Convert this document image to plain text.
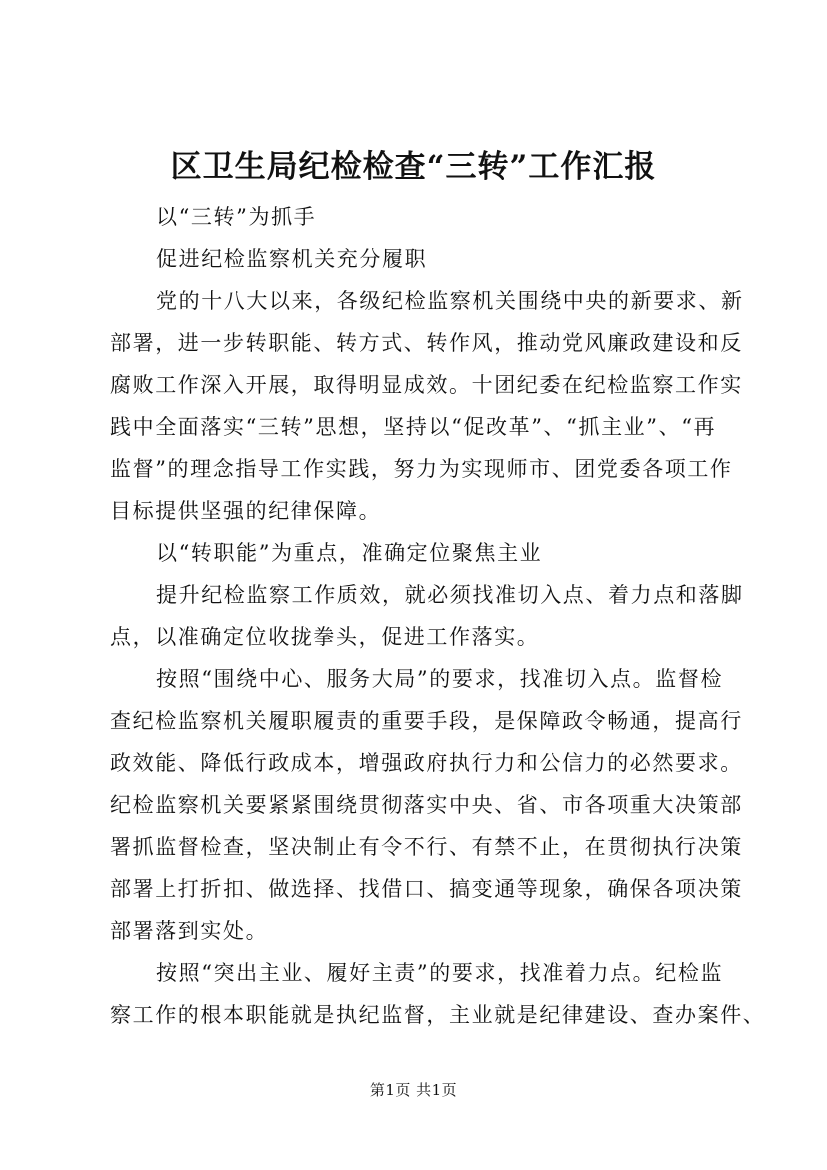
区卫生局纪检检查“三转”工作汇报

以“三转”为抓手

促进纪检监察机关充分履职

党的十八大以来，各级纪检监察机关围绕中央的新要求、新

部署，进一步转职能、转方式、转作风，推动党风廉政建设和反

腐败工作深入开展，取得明显成效。十团纪委在纪检监察工作实

践中全面落实“三转”思想，坚持以“促改革”、“抓主业”、“再

监督”的理念指导工作实践，努力为实现师市、团党委各项工作

目标提供坚强的纪律保障。

以“转职能”为重点，准确定位聚焦主业

提升纪检监察工作质效，就必须找准切入点、着力点和落脚

点，以准确定位收拢拳头，促进工作落实。

按照“围绕中心、服务大局”的要求，找准切入点。监督检

查纪检监察机关履职履责的重要手段，是保障政令畅通，提高行

政效能、降低行政成本，增强政府执行力和公信力的必然要求。

纪检监察机关要紧紧围绕贯彻落实中央、省、市各项重大决策部

署抓监督检查，坚决制止有令不行、有禁不止，在贯彻执行决策

部署上打折扣、做选择、找借口、搞变通等现象，确保各项决策

部署落到实处。

按照“突出主业、履好主责”的要求，找准着力点。纪检监

察工作的根本职能就是执纪监督，主业就是纪律建设、查办案件、

第1页 共1页
